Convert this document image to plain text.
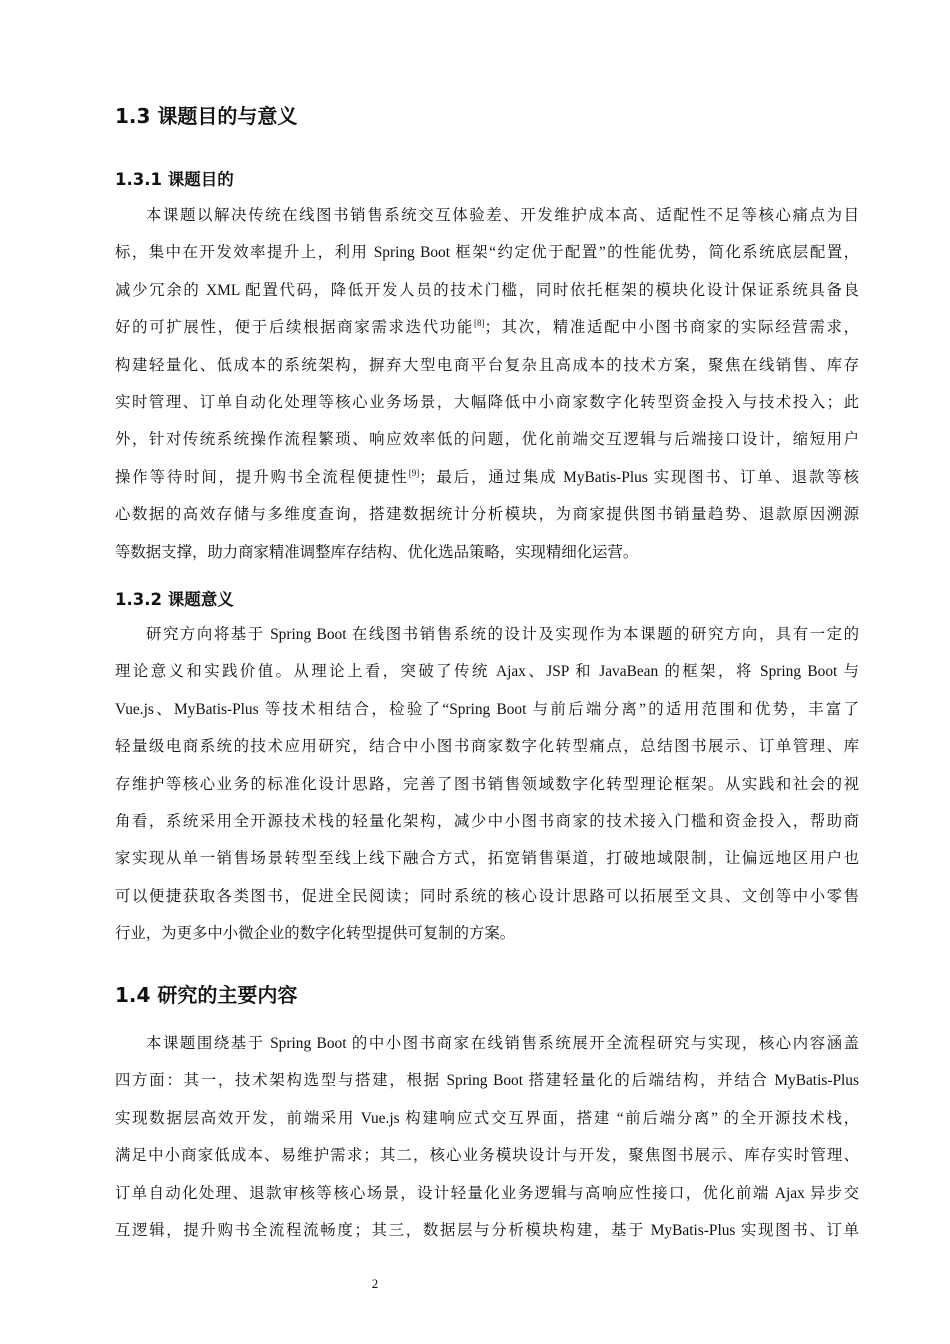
1.3 课题目的与意义
1.3.1 课题目的
本课题以解决传统在线图书销售系统交互体验差、开发维护成本高、适配性不足等核心痛点为目
标，集中在开发效率提升上，利用 Spring Boot 框架“约定优于配置”的性能优势，简化系统底层配置，
减少冗余的 XML 配置代码，降低开发人员的技术门槛，同时依托框架的模块化设计保证系统具备良
好的可扩展性，便于后续根据商家需求迭代功能[8]；其次，精准适配中小图书商家的实际经营需求，
构建轻量化、低成本的系统架构，摒弃大型电商平台复杂且高成本的技术方案，聚焦在线销售、库存
实时管理、订单自动化处理等核心业务场景，大幅降低中小商家数字化转型资金投入与技术投入；此
外，针对传统系统操作流程繁琐、响应效率低的问题，优化前端交互逻辑与后端接口设计，缩短用户
操作等待时间，提升购书全流程便捷性[9]；最后，通过集成 MyBatis-Plus 实现图书、订单、退款等核
心数据的高效存储与多维度查询，搭建数据统计分析模块，为商家提供图书销量趋势、退款原因溯源
等数据支撑，助力商家精准调整库存结构、优化选品策略，实现精细化运营。
1.3.2 课题意义
研究方向将基于 Spring Boot 在线图书销售系统的设计及实现作为本课题的研究方向，具有一定的
理论意义和实践价值。从理论上看，突破了传统 Ajax、JSP 和 JavaBean 的框架，将 Spring Boot 与
Vue.js、MyBatis-Plus 等技术相结合，检验了“Spring Boot 与前后端分离”的适用范围和优势，丰富了
轻量级电商系统的技术应用研究，结合中小图书商家数字化转型痛点，总结图书展示、订单管理、库
存维护等核心业务的标准化设计思路，完善了图书销售领域数字化转型理论框架。从实践和社会的视
角看，系统采用全开源技术栈的轻量化架构，减少中小图书商家的技术接入门槛和资金投入，帮助商
家实现从单一销售场景转型至线上线下融合方式，拓宽销售渠道，打破地域限制，让偏远地区用户也
可以便捷获取各类图书，促进全民阅读；同时系统的核心设计思路可以拓展至文具、文创等中小零售
行业，为更多中小微企业的数字化转型提供可复制的方案。
1.4 研究的主要内容
本课题围绕基于 Spring Boot 的中小图书商家在线销售系统展开全流程研究与实现，核心内容涵盖
四方面：其一，技术架构选型与搭建，根据 Spring Boot 搭建轻量化的后端结构，并结合 MyBatis-Plus
实现数据层高效开发，前端采用 Vue.js 构建响应式交互界面，搭建 “前后端分离” 的全开源技术栈，
满足中小商家低成本、易维护需求；其二，核心业务模块设计与开发，聚焦图书展示、库存实时管理、
订单自动化处理、退款审核等核心场景，设计轻量化业务逻辑与高响应性接口，优化前端 Ajax 异步交
互逻辑，提升购书全流程流畅度；其三，数据层与分析模块构建，基于 MyBatis-Plus 实现图书、订单
2
